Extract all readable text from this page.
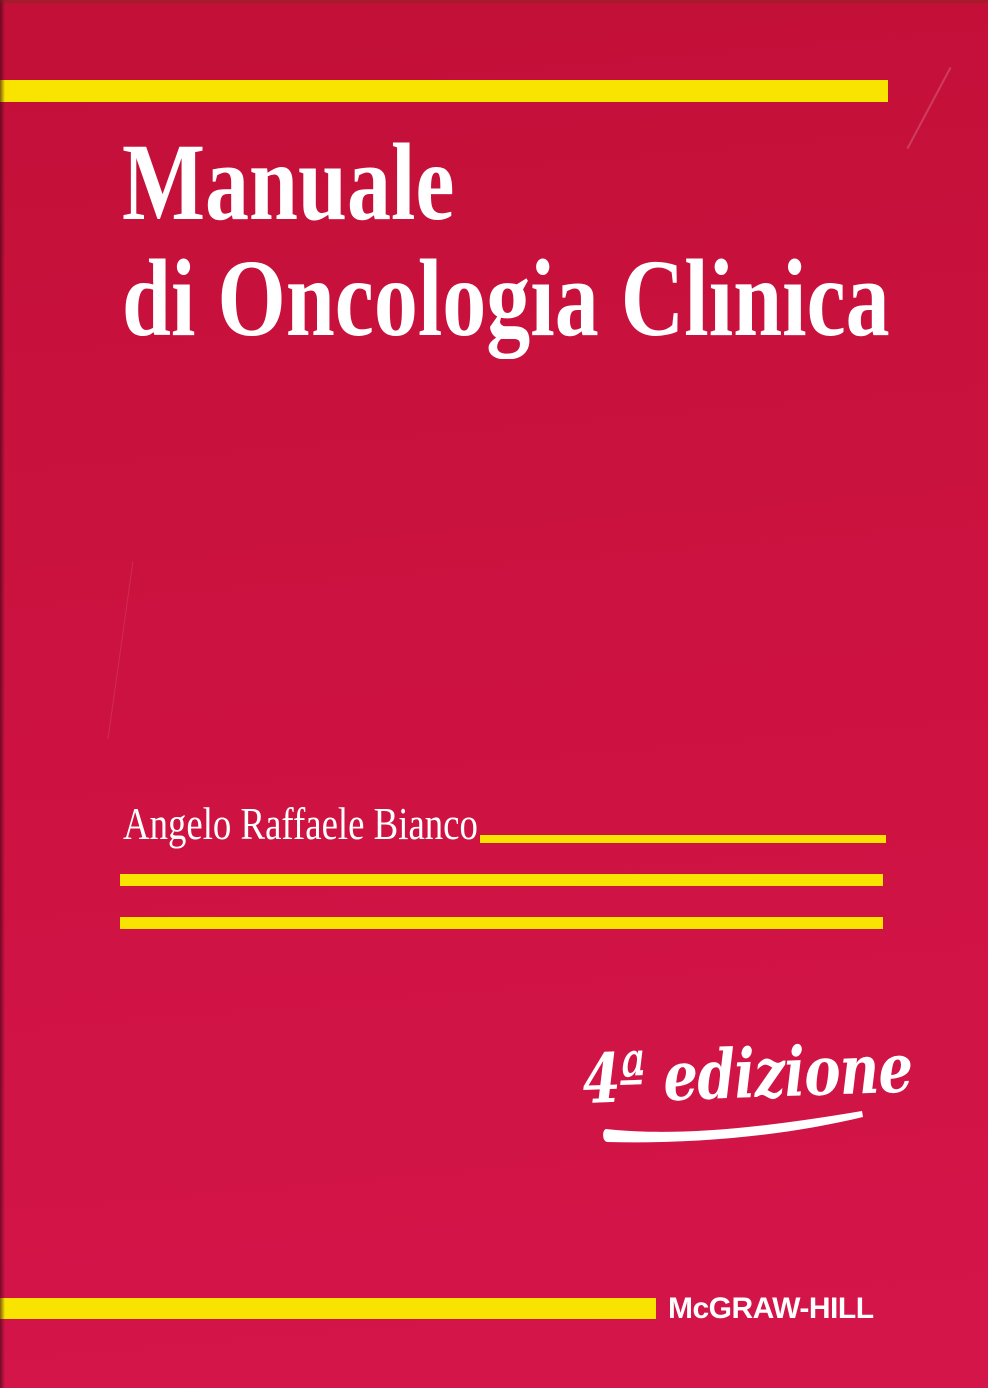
Manuale
di Oncologia Clinica
Angelo Raffaele Bianco
4ª edizione
McGRAW-HILL
